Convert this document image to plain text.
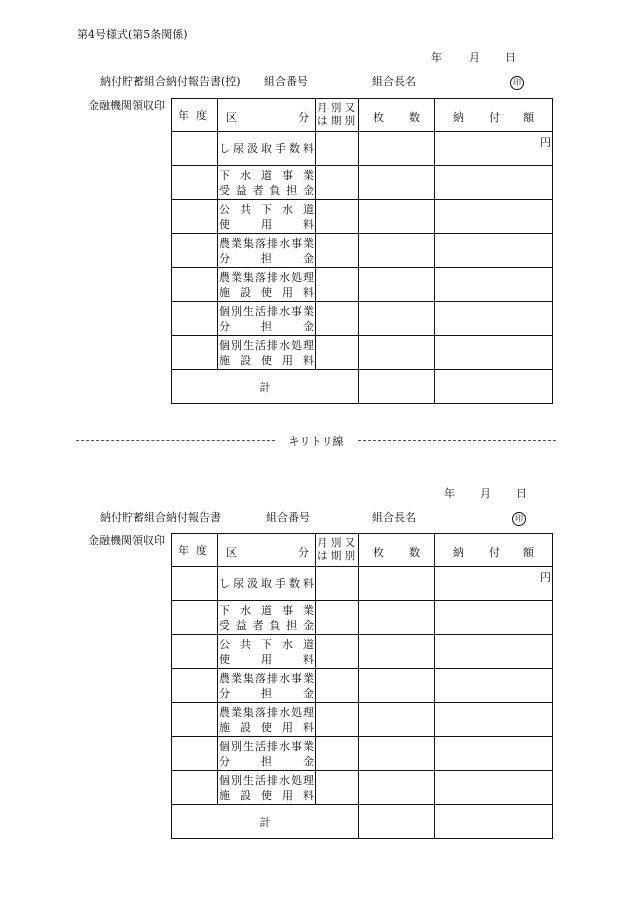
第4号様式(第5条関係)
年	月	日
納付貯蓄組合納付報告書(控) 組合番号	組合長名	印
金融機関領収印
年 度	区 分	月 別 又
は 期 別	枚 数	納 付 額

	し尿汲取手数料			円

	下水道事業
受益者負担金			

	公共下水道
使用料			

	農業集落排水事業
分担金			

	農業集落排水処理
施設使用料			

	個別生活排水事業
分担金			

	個別生活排水処理
施設使用料			

計				
キリトリ線
年	月	日
納付貯蓄組合納付報告書	組合番号	組合長名	印
金融機関領収印
年 度	区 分	月 別 又
は 期 別	枚 数	納 付 額

	し尿汲取手数料			円

	下水道事業
受益者負担金			

	公共下水道
使用料			

	農業集落排水事業
分担金			

	農業集落排水処理
施設使用料			

	個別生活排水事業
分担金			

	個別生活排水処理
施設使用料			

計				
